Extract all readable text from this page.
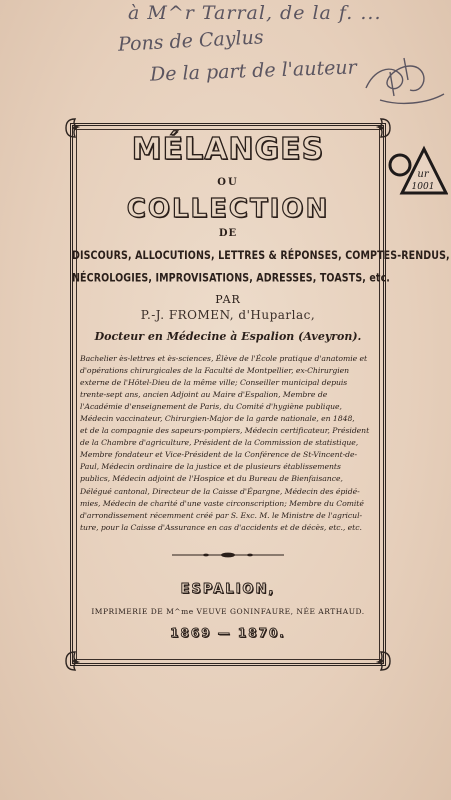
à M^r Tarral, de la f. ...
Pons de Caylus
De la part de l'auteur
ur
1001
MÉLANGES
OU
COLLECTION
DE
DISCOURS, ALLOCUTIONS, LETTRES & RÉPONSES, COMPTES-RENDUS,
NÉCROLOGIES, IMPROVISATIONS, ADRESSES, TOASTS, etc.
PAR
P.-J. FROMEN, d'Huparlac,
Docteur en Médecine à Espalion (Aveyron).
Bachelier ès-lettres et ès-sciences, Élève de l'École pratique d'anatomie et
d'opérations chirurgicales de la Faculté de Montpellier, ex-Chirurgien
externe de l'Hôtel-Dieu de la même ville; Conseiller municipal depuis
trente-sept ans, ancien Adjoint au Maire d'Espalion, Membre de
l'Académie d'enseignement de Paris, du Comité d'hygiène publique,
Médecin vaccinateur, Chirurgien-Major de la garde nationale, en 1848,
et de la compagnie des sapeurs-pompiers, Médecin certificateur, Président
de la Chambre d'agriculture, Président de la Commission de statistique,
Membre fondateur et Vice-Président de la Conférence de St-Vincent-de-
Paul, Médecin ordinaire de la justice et de plusieurs établissements
publics, Médecin adjoint de l'Hospice et du Bureau de Bienfaisance,
Délégué cantonal, Directeur de la Caisse d'Épargne, Médecin des épidé-
mies, Médecin de charité d'une vaste circonscription; Membre du Comité
d'arrondissement récemment créé par S. Exc. M. le Ministre de l'agricul-
ture, pour la Caisse d'Assurance en cas d'accidents et de décès, etc., etc.
ESPALION,
IMPRIMERIE DE M^me VEUVE GONINFAURE, NÉE ARTHAUD.
1869 — 1870.
